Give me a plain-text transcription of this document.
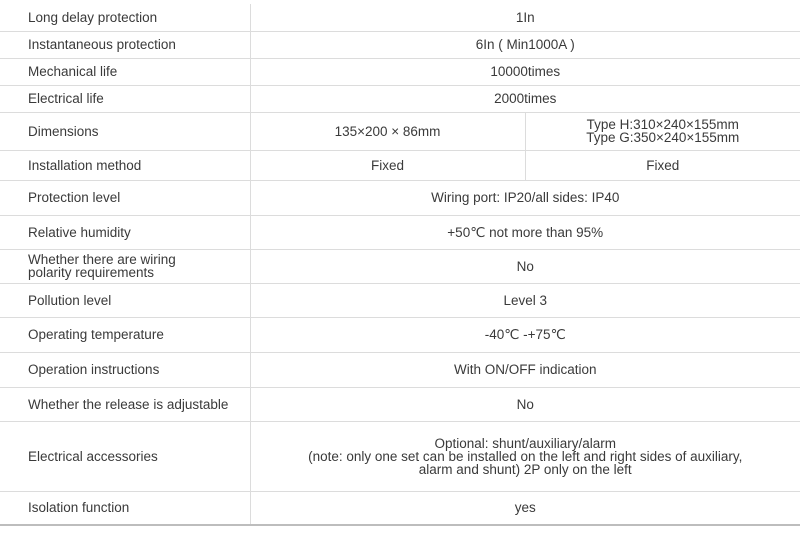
Long delay protection	1In	
Instantaneous protection	6In ( Min1000A )	
Mechanical life	10000times	
Electrical life	2000times	
Dimensions	135×200 × 86mm	Type H:310×240×155mm
Type G:350×240×155mm

Installation method	Fixed	Fixed
Protection level	Wiring port: IP20/all sides: IP40	
Relative humidity	+50℃ not more than 95%	

Whether there are wiring
polarity requirements	No	
Pollution level	Level 3	
Operating temperature	-40℃ -+75℃	
Operation instructions	With ON/OFF indication	
Whether the release is adjustable	No	
Electrical accessories	Optional: shunt/auxiliary/alarm
(note: only one set can be installed on the left and right sides of auxiliary,
alarm and shunt) 2P only on the left	

Isolation function	yes	
